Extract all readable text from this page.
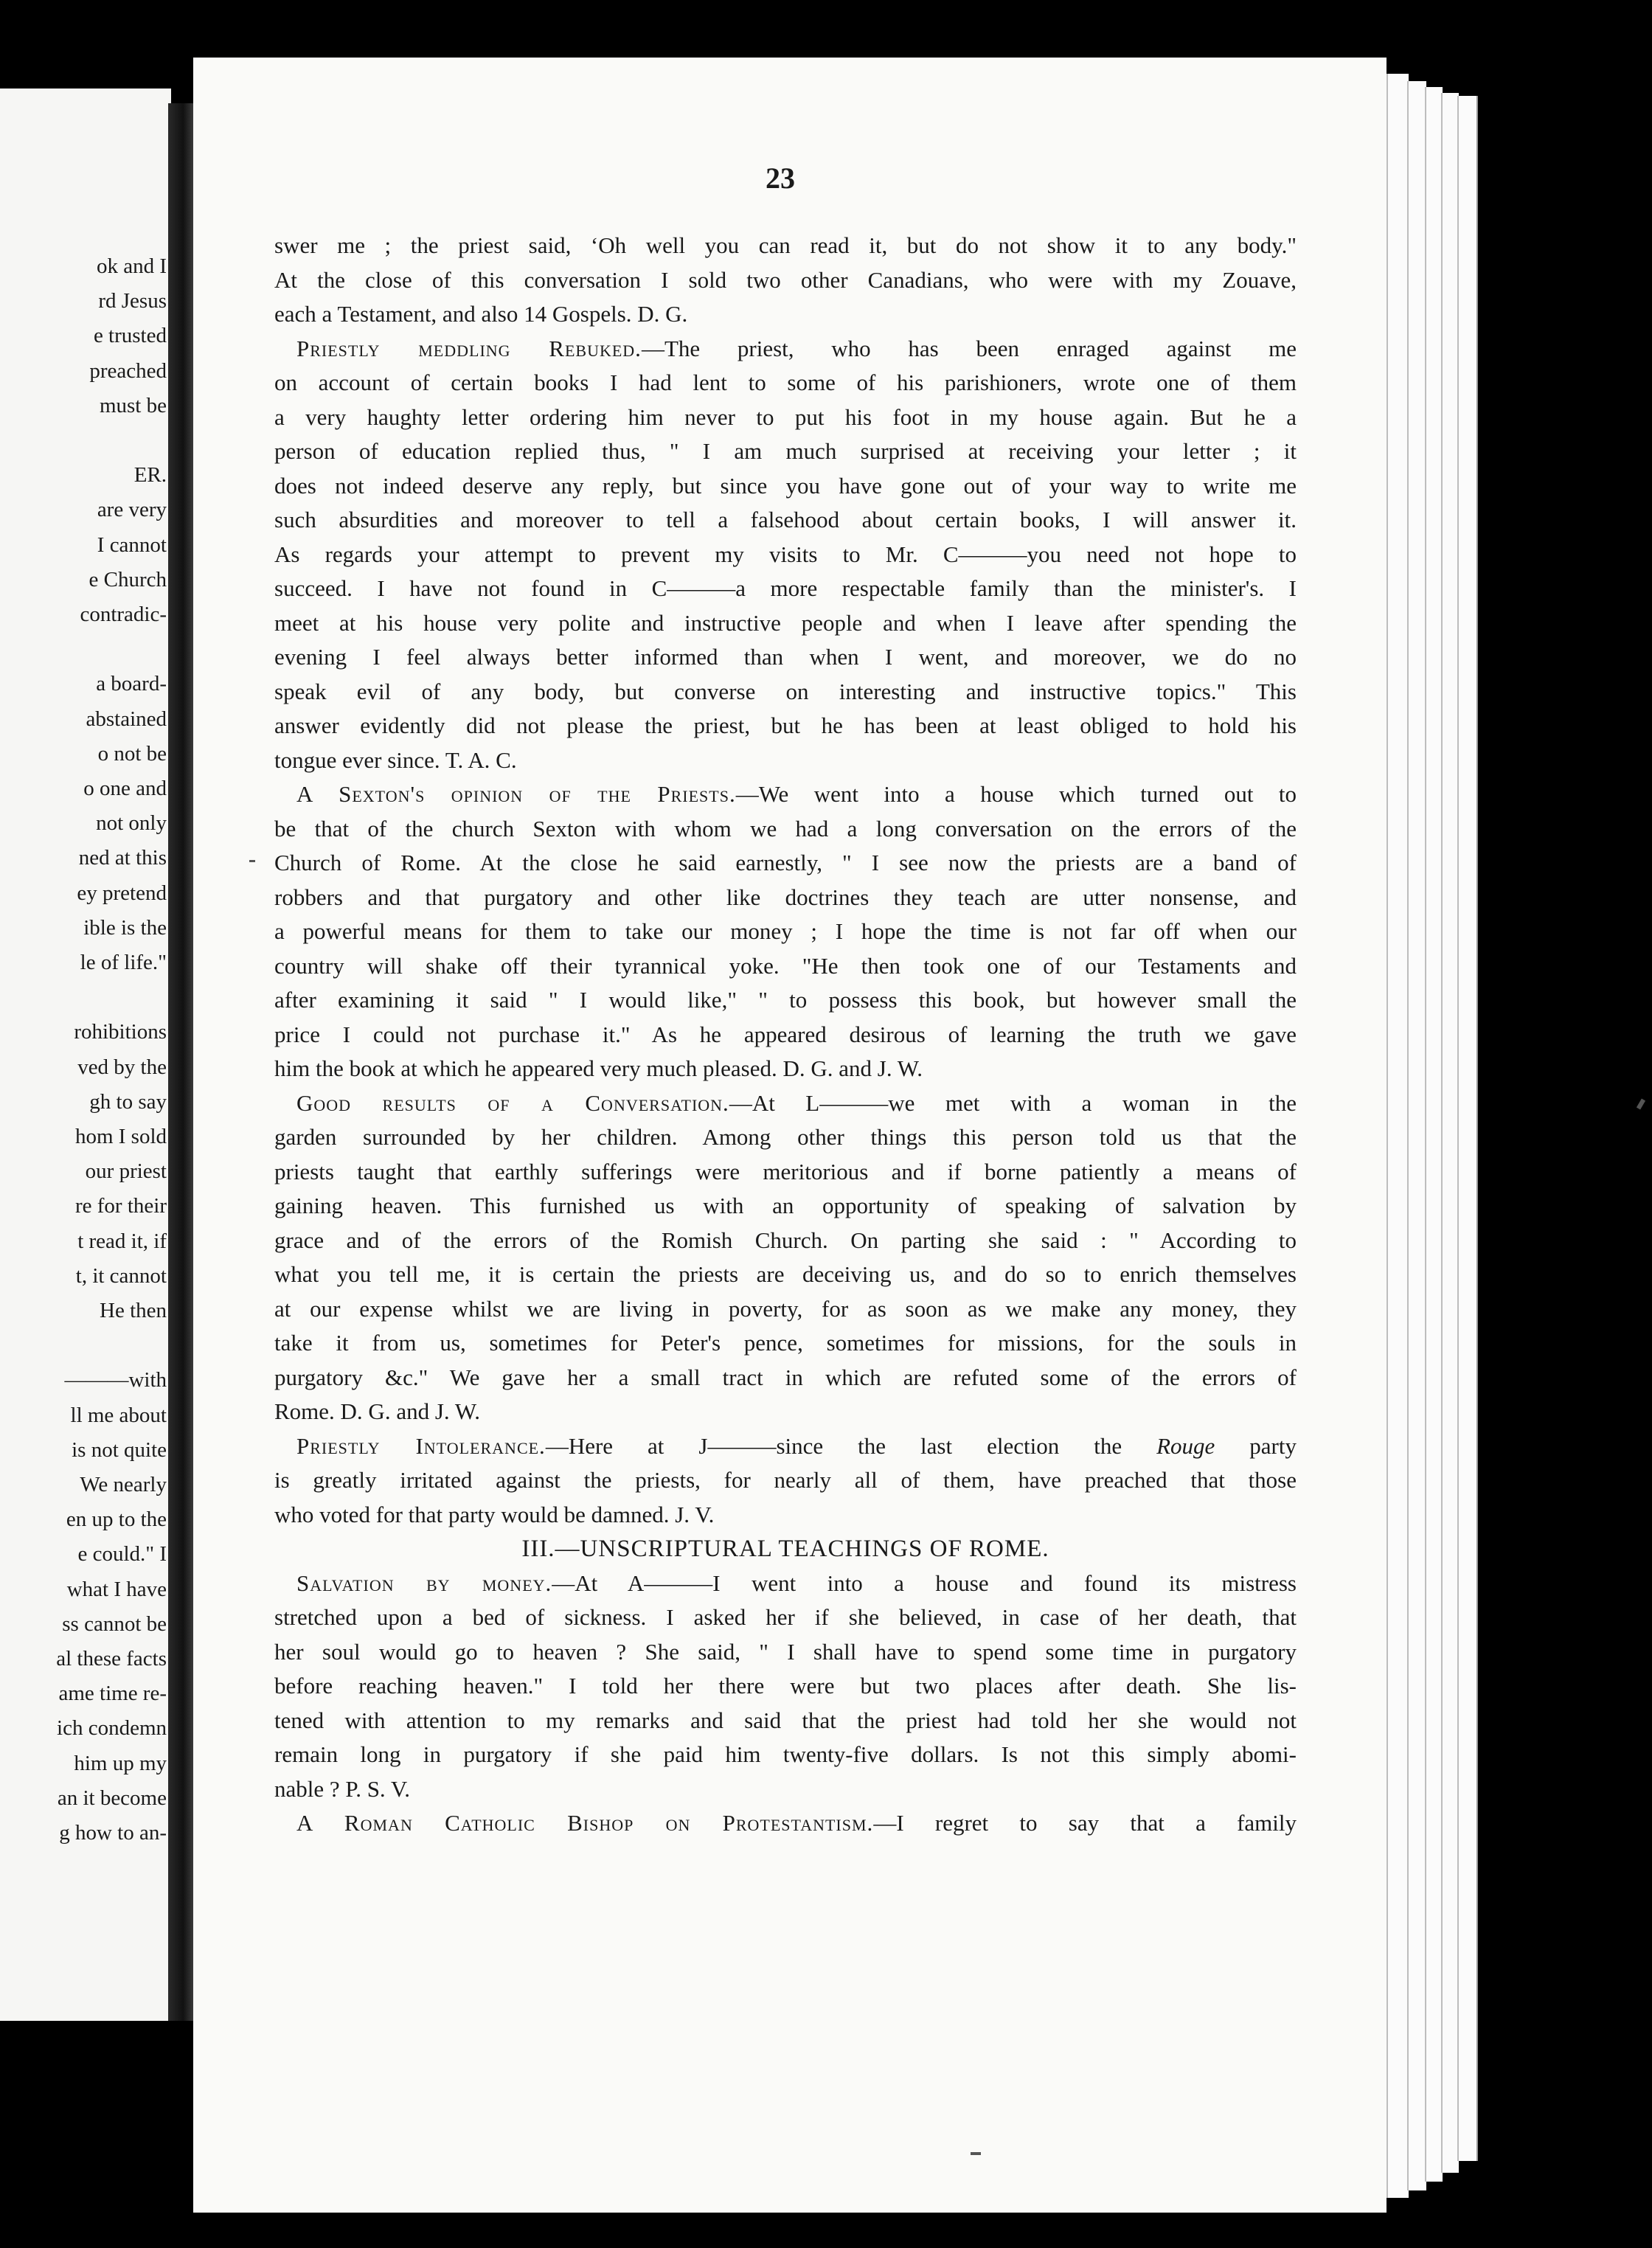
ok and I
rd Jesus
e trusted
preached
must be
ER.
are very
I cannot
e Church
contradic-
a board-
abstained
o not be
o one and
not only
ned at this
ey pretend
ible is the
le of life."
rohibitions
ved by the
gh to say
hom I sold
our priest
re for their
t read it, if
t, it cannot
He then
———with
ll me about
is not quite
We nearly
en up to the
e could." I
what I have
ss cannot be
al these facts
ame time re-
ich condemn
him up my
an it become
g how to an-
23
swer me ; the priest said, ‘Oh well you can read it, but do not show it to any body."
At the close of this conversation I sold two other Canadians, who were with my Zouave,
each a Testament, and also 14 Gospels. D. G.
Priestly meddling Rebuked.—The priest, who has been enraged against me
on account of certain books I had lent to some of his parishioners, wrote one of them
a very haughty letter ordering him never to put his foot in my house again. But he a
person of education replied thus, " I am much surprised at receiving your letter ; it
does not indeed deserve any reply, but since you have gone out of your way to write me
such absurdities and moreover to tell a falsehood about certain books, I will answer it.
As regards your attempt to prevent my visits to Mr. C———you need not hope to
succeed. I have not found in C———a more respectable family than the minister's. I
meet at his house very polite and instructive people and when I leave after spending the
evening I feel always better informed than when I went, and moreover, we do no
speak evil of any body, but converse on interesting and instructive topics." This
answer evidently did not please the priest, but he has been at least obliged to hold his
tongue ever since. T. A. C.
A Sexton's opinion of the Priests.—We went into a house which turned out to
be that of the church Sexton with whom we had a long conversation on the errors of the
Church of Rome. At the close he said earnestly, " I see now the priests are a band of
robbers and that purgatory and other like doctrines they teach are utter nonsense, and
a powerful means for them to take our money ; I hope the time is not far off when our
country will shake off their tyrannical yoke. "He then took one of our Testaments and
after examining it said " I would like," " to possess this book, but however small the
price I could not purchase it." As he appeared desirous of learning the truth we gave
him the book at which he appeared very much pleased. D. G. and J. W.
Good results of a Conversation.—At L———we met with a woman in the
garden surrounded by her children. Among other things this person told us that the
priests taught that earthly sufferings were meritorious and if borne patiently a means of
gaining heaven. This furnished us with an opportunity of speaking of salvation by
grace and of the errors of the Romish Church. On parting she said : " According to
what you tell me, it is certain the priests are deceiving us, and do so to enrich themselves
at our expense whilst we are living in poverty, for as soon as we make any money, they
take it from us, sometimes for Peter's pence, sometimes for missions, for the souls in
purgatory &c." We gave her a small tract in which are refuted some of the errors of
Rome. D. G. and J. W.
Priestly Intolerance.—Here at J———since the last election the Rouge party
is greatly irritated against the priests, for nearly all of them, have preached that those
who voted for that party would be damned. J. V.
III.—UNSCRIPTURAL TEACHINGS OF ROME.
Salvation by money.—At A———I went into a house and found its mistress
stretched upon a bed of sickness. I asked her if she believed, in case of her death, that
her soul would go to heaven ? She said, " I shall have to spend some time in purgatory
before reaching heaven." I told her there were but two places after death. She lis-
tened with attention to my remarks and said that the priest had told her she would not
remain long in purgatory if she paid him twenty-five dollars. Is not this simply abomi-
nable ? P. S. V.
A Roman Catholic Bishop on Protestantism.—I regret to say that a family
